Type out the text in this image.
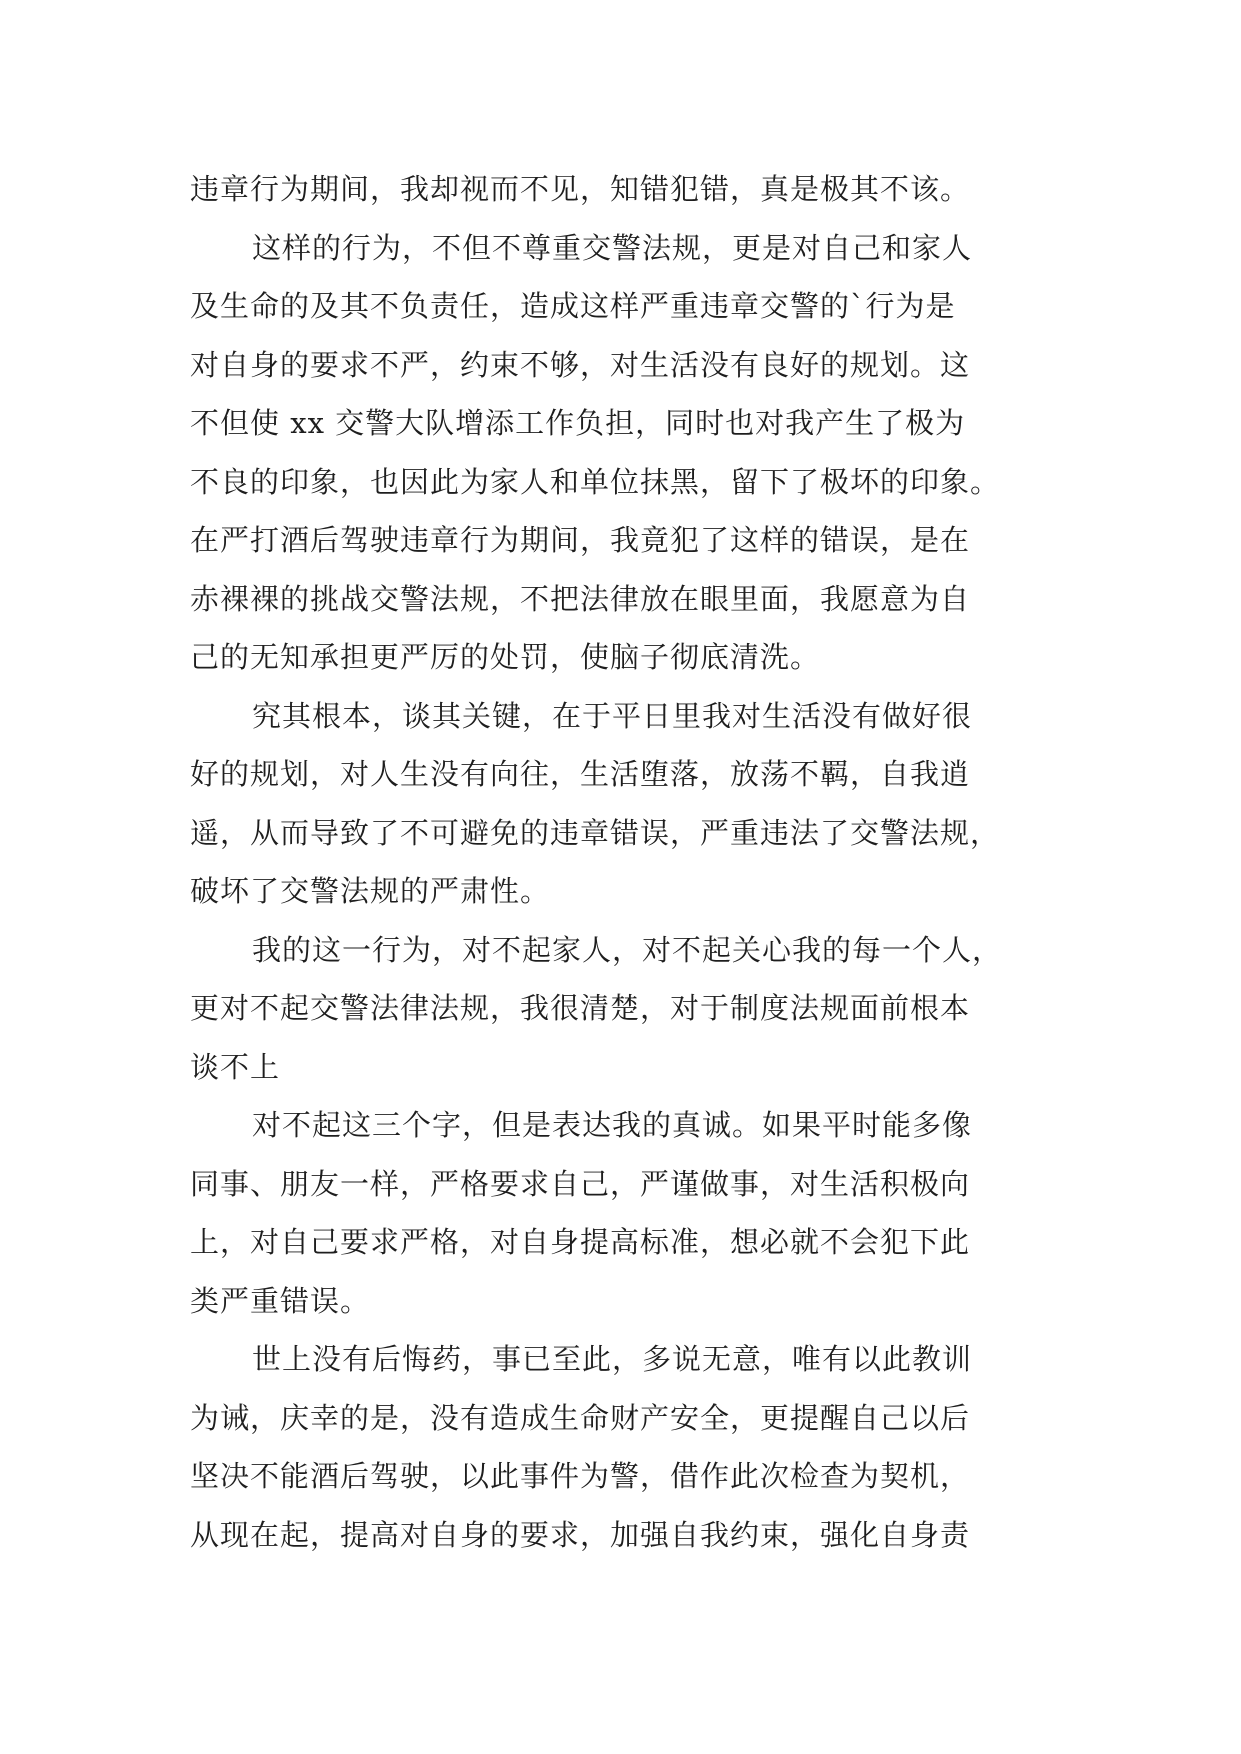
违章行为期间，我却视而不见，知错犯错，真是极其不该。
这样的行为，不但不尊重交警法规，更是对自己和家人
及生命的及其不负责任，造成这样严重违章交警的`行为是
对自身的要求不严，约束不够，对生活没有良好的规划。这
不但使 xx 交警大队增添工作负担，同时也对我产生了极为
不良的印象，也因此为家人和单位抹黑，留下了极坏的印象。
在严打酒后驾驶违章行为期间，我竟犯了这样的错误，是在
赤裸裸的挑战交警法规，不把法律放在眼里面，我愿意为自
己的无知承担更严厉的处罚，使脑子彻底清洗。
究其根本，谈其关键，在于平日里我对生活没有做好很
好的规划，对人生没有向往，生活堕落，放荡不羁，自我逍
遥，从而导致了不可避免的违章错误，严重违法了交警法规，
破坏了交警法规的严肃性。
我的这一行为，对不起家人，对不起关心我的每一个人，
更对不起交警法律法规，我很清楚，对于制度法规面前根本
谈不上
对不起这三个字，但是表达我的真诚。如果平时能多像
同事、朋友一样，严格要求自己，严谨做事，对生活积极向
上，对自己要求严格，对自身提高标准，想必就不会犯下此
类严重错误。
世上没有后悔药，事已至此，多说无意，唯有以此教训
为诫，庆幸的是，没有造成生命财产安全，更提醒自己以后
坚决不能酒后驾驶，以此事件为警，借作此次检查为契机，
从现在起，提高对自身的要求，加强自我约束，强化自身责
